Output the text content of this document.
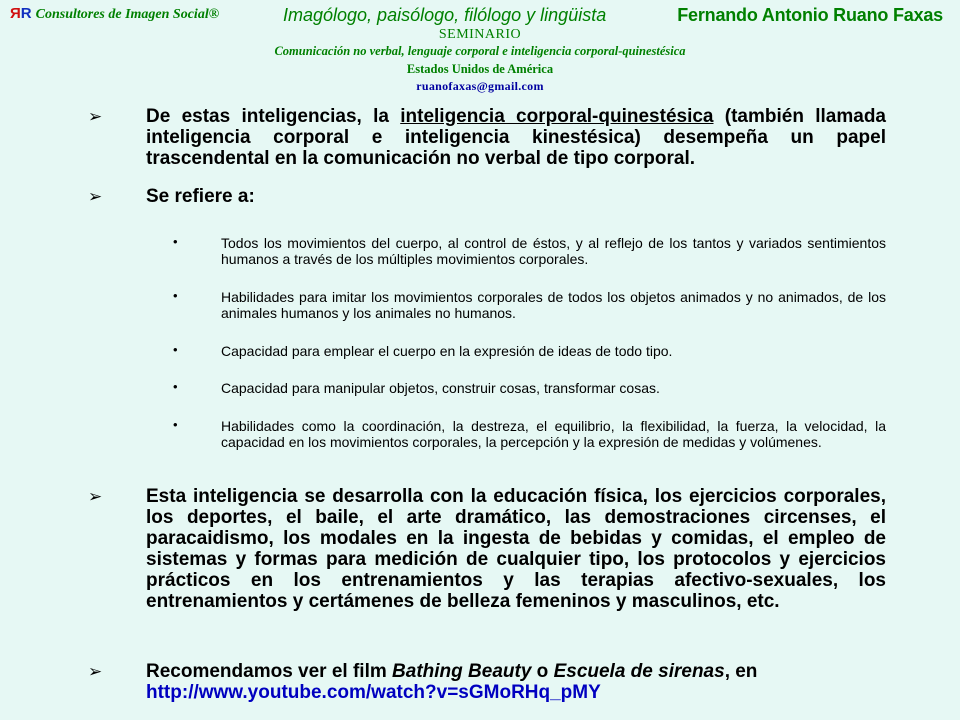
ЯR Consultores de Imagen Social®	Imagólogo, paisólogo, filólogo y lingüista	Fernando Antonio Ruano Faxas
SEMINARIO
Comunicación no verbal, lenguaje corporal e inteligencia corporal-quinestésica
Estados Unidos de América
ruanofaxas@gmail.com
➢ De estas inteligencias, la inteligencia corporal-quinestésica (también llamada inteligencia corporal e inteligencia kinestésica) desempeña un papel trascendental en la comunicación no verbal de tipo corporal.
➢ Se refiere a:
•	Todos los movimientos del cuerpo, al control de éstos, y al reflejo de los tantos y variados sentimientos humanos a través de los múltiples movimientos corporales.
•	Habilidades para imitar los movimientos corporales de todos los objetos animados y no animados, de los animales humanos y los animales no humanos.
•	Capacidad para emplear el cuerpo en la expresión de ideas de todo tipo.
•	Capacidad para manipular objetos, construir cosas, transformar cosas.
•	Habilidades como la coordinación, la destreza, el equilibrio, la flexibilidad, la fuerza, la velocidad, la capacidad en los movimientos corporales, la percepción y la expresión de medidas y volúmenes.
➢ Esta inteligencia se desarrolla con la educación física, los ejercicios corporales, los deportes, el baile, el arte dramático, las demostraciones circenses, el paracaidismo, los modales en la ingesta de bebidas y comidas, el empleo de sistemas y formas para medición de cualquier tipo, los protocolos y ejercicios prácticos en los entrenamientos y las terapias afectivo-sexuales, los entrenamientos y certámenes de belleza femeninos y masculinos, etc.
➢ Recomendamos ver el film Bathing Beauty o Escuela de sirenas, en
http://www.youtube.com/watch?v=sGMoRHq_pMY
